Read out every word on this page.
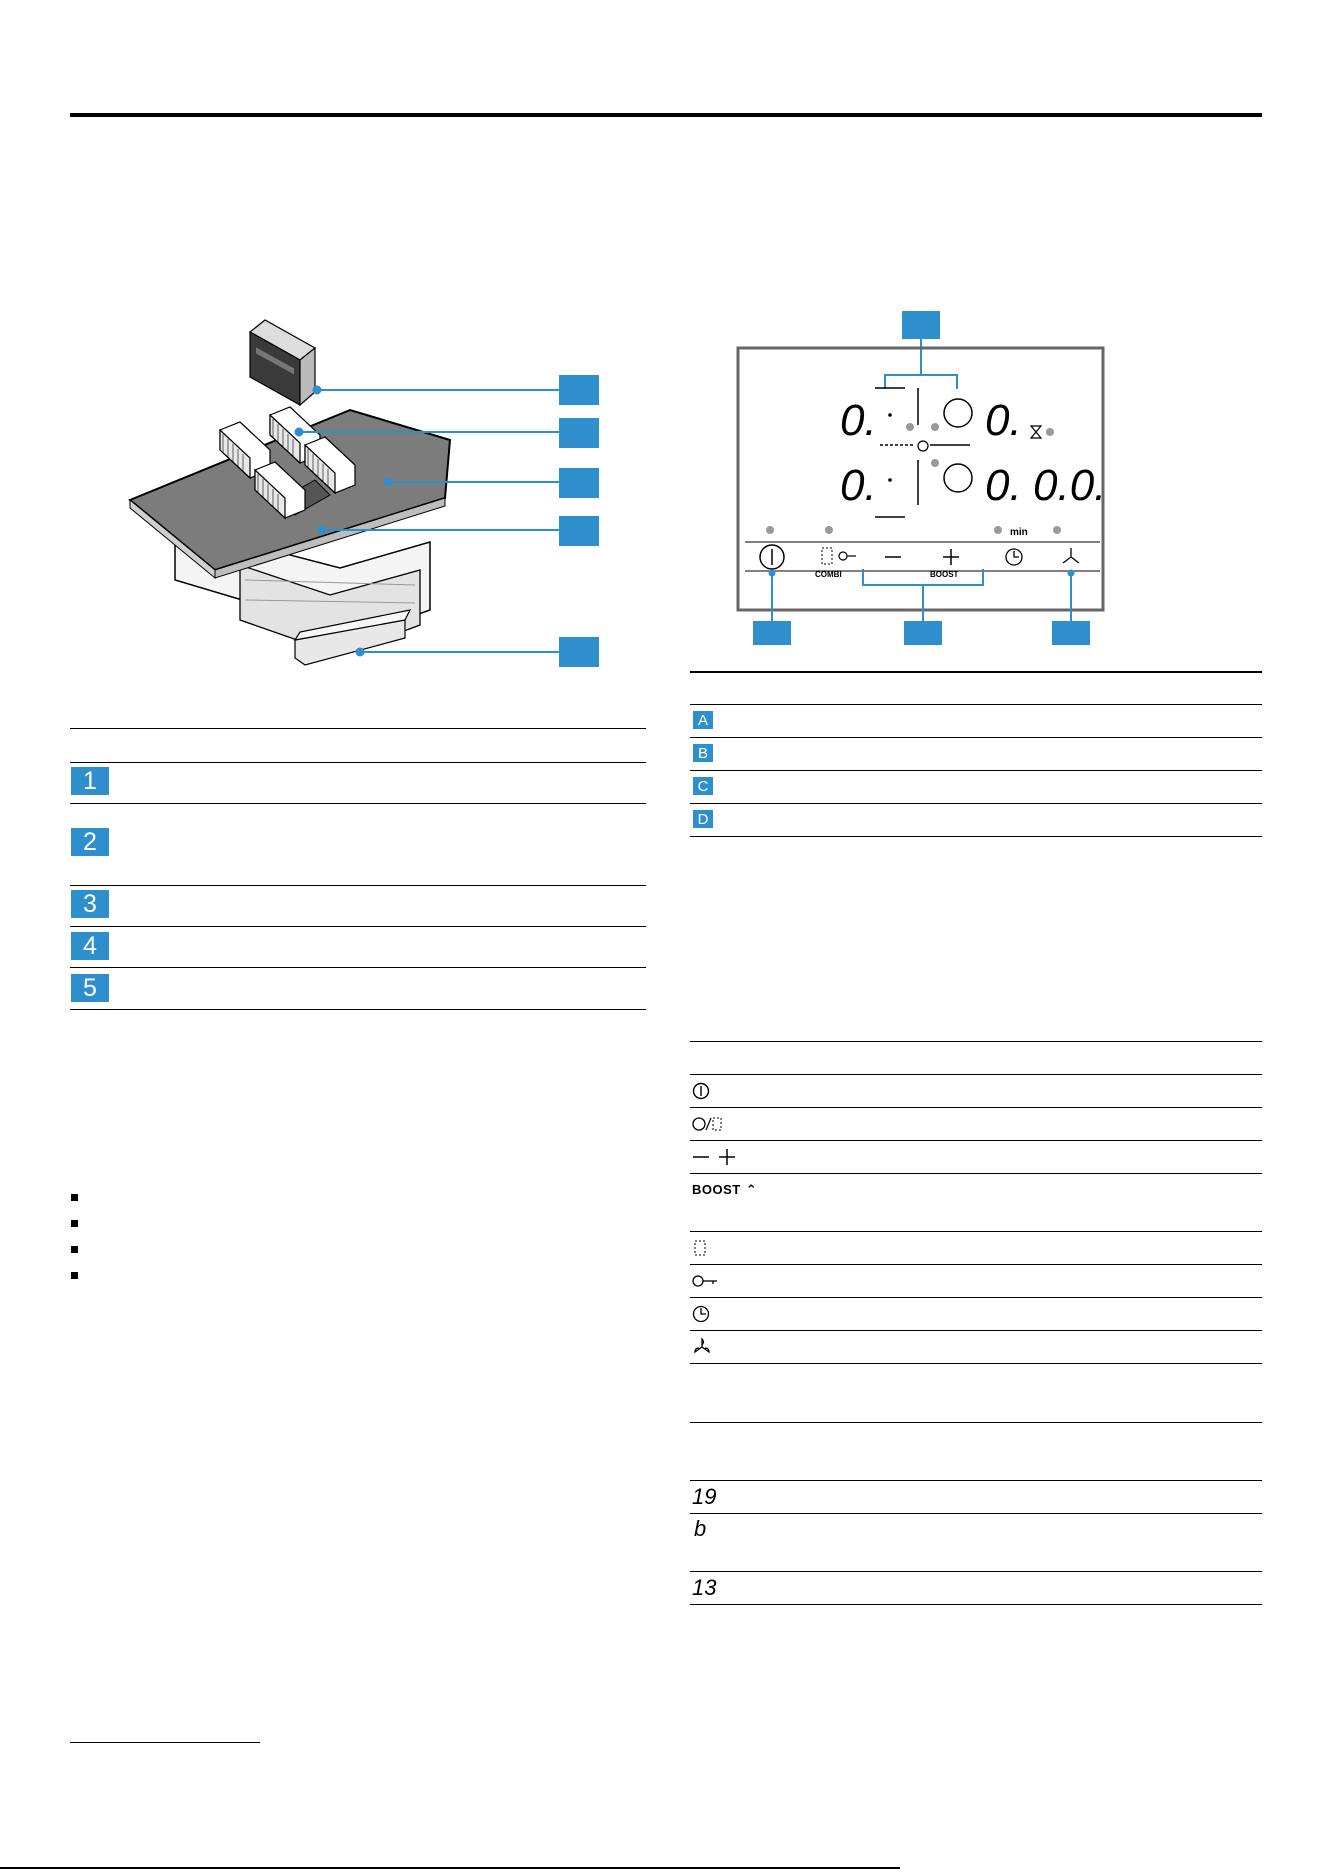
1
2
3
4
5
0. 0.
0. 0. 0.0.
min
COMBI	BOOST
A
B
C
D
BOOST ⌃
19
b
13
